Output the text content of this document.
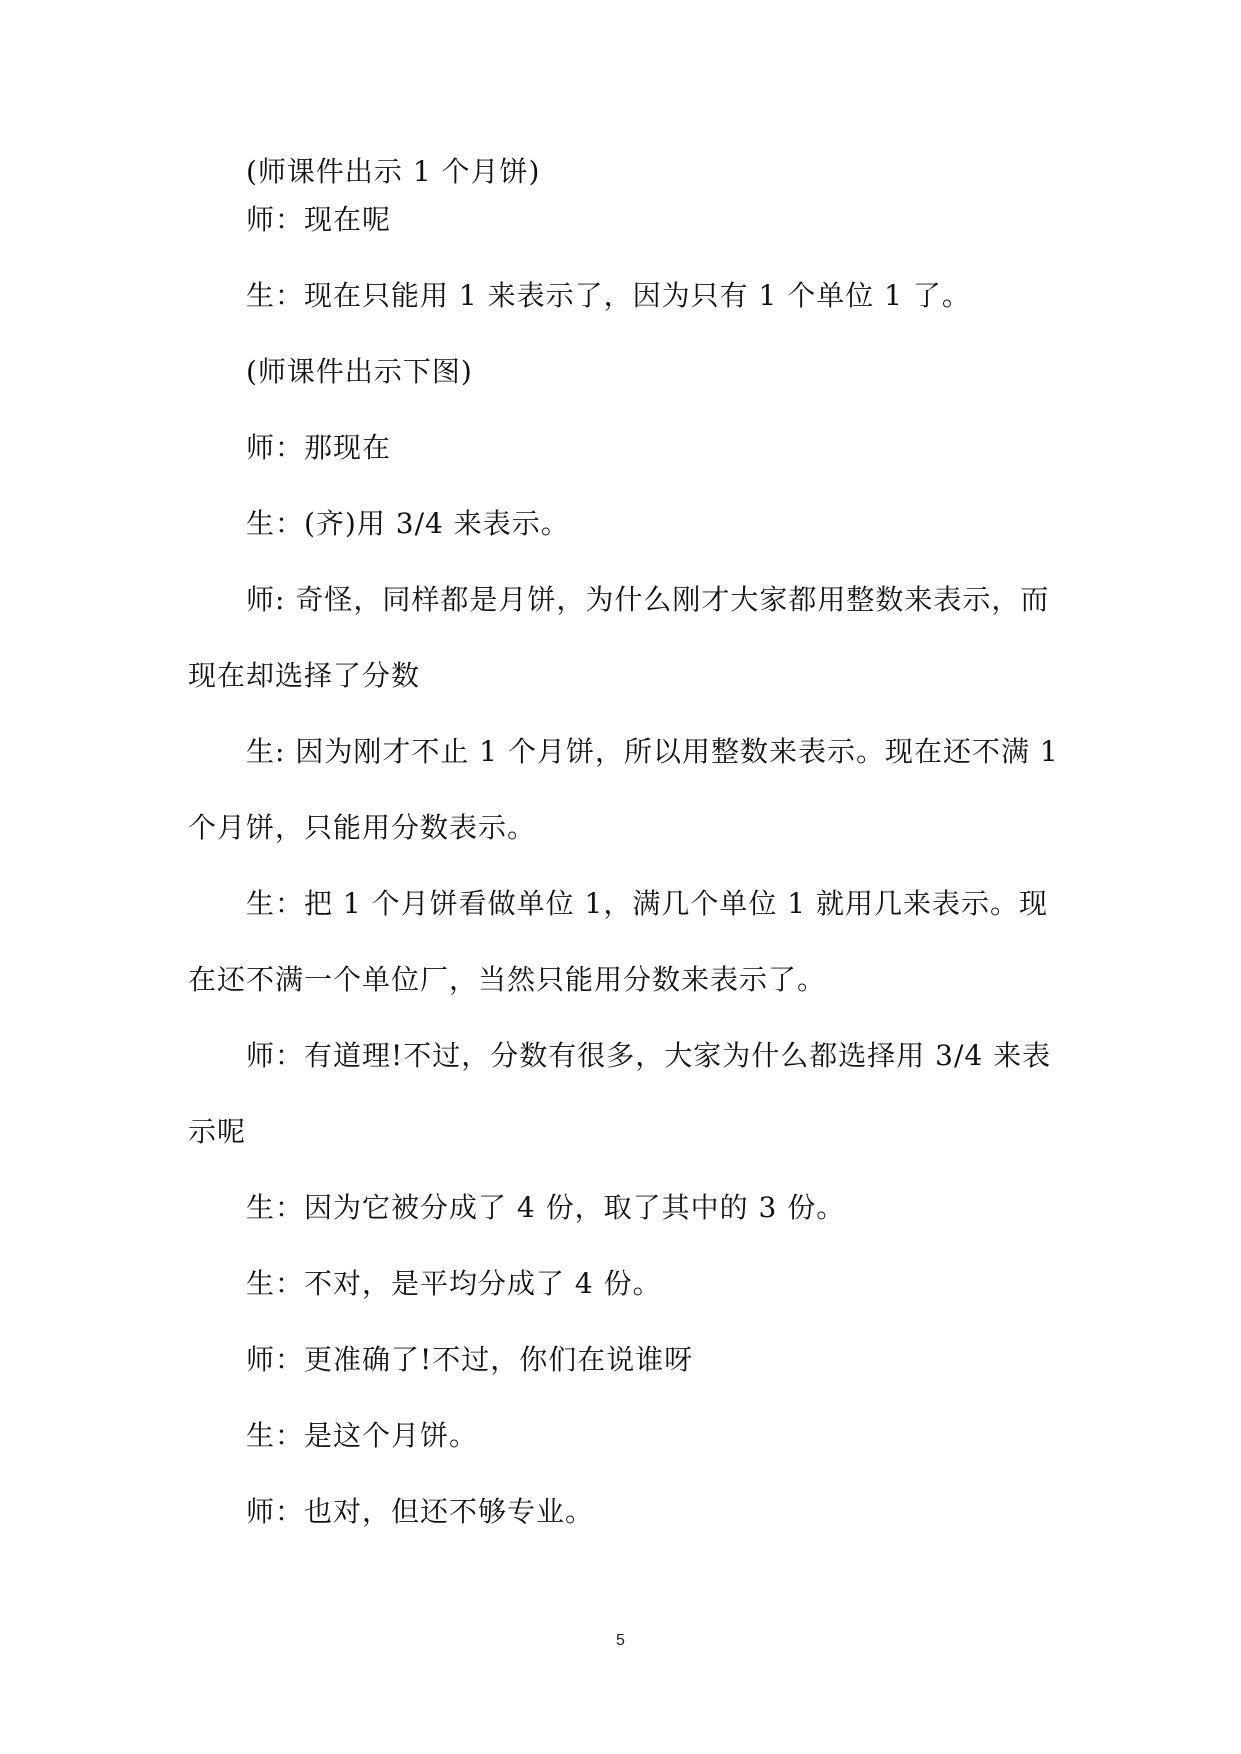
(师课件出示 1 个月饼)

师：现在呢

生：现在只能用 1 来表示了，因为只有 1 个单位 1 了。

(师课件出示下图)

师：那现在

生：(齐)用 3/4 来表示。

师: 奇怪，同样都是月饼，为什么刚才大家都用整数来表示，而现在却选择了分数

生: 因为刚才不止 1 个月饼，所以用整数来表示。现在还不满 1 个月饼，只能用分数表示。

生：把 1 个月饼看做单位 1，满几个单位 1 就用几来表示。现在还不满一个单位厂，当然只能用分数来表示了。

师：有道理!不过，分数有很多，大家为什么都选择用 3/4 来表示呢

生：因为它被分成了 4 份，取了其中的 3 份。

生：不对，是平均分成了 4 份。

师：更准确了!不过，你们在说谁呀

生：是这个月饼。

师：也对，但还不够专业。

5
